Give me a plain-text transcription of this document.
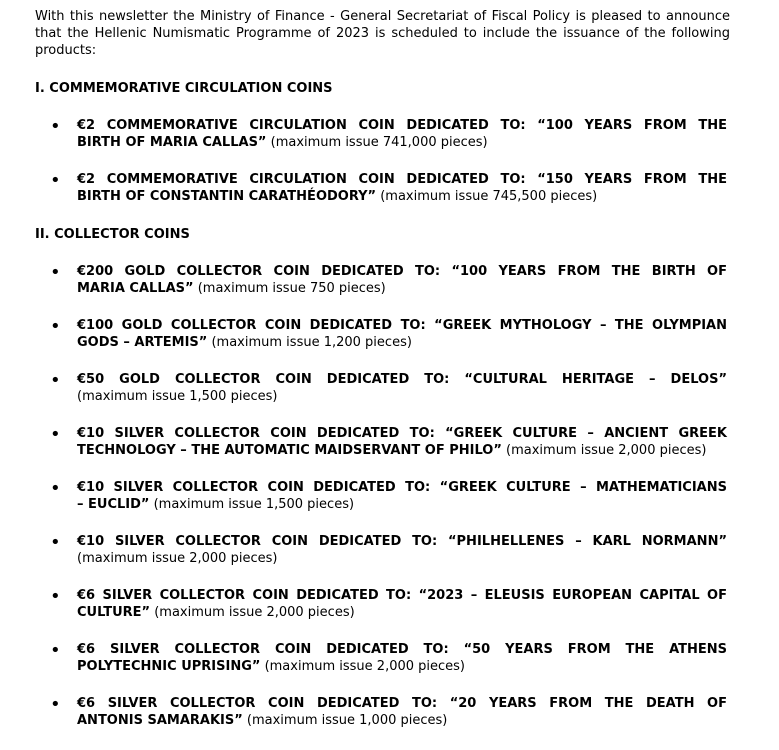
With this newsletter the Ministry of Finance - General Secretariat of Fiscal Policy is pleased to announce that the Hellenic Numismatic Programme of 2023 is scheduled to include the issuance of the following products:
I. COMMEMORATIVE CIRCULATION COINS
• €2 COMMEMORATIVE CIRCULATION COIN DEDICATED TO: “100 YEARS FROM THE
BIRTH OF MARIA CALLAS” (maximum issue 741,000 pieces)
• €2 COMMEMORATIVE CIRCULATION COIN DEDICATED TO: “150 YEARS FROM THE
BIRTH OF CONSTANTIN CARATHÉODORY” (maximum issue 745,500 pieces)
II. COLLECTOR COINS
• €200 GOLD COLLECTOR COIN DEDICATED TO: “100 YEARS FROM THE BIRTH OF
MARIA CALLAS” (maximum issue 750 pieces)
• €100 GOLD COLLECTOR COIN DEDICATED TO: “GREEK MYTHOLOGY – THE OLYMPIAN
GODS – ARTEMIS” (maximum issue 1,200 pieces)
• €50 GOLD COLLECTOR COIN DEDICATED TO: “CULTURAL HERITAGE – DELOS”
(maximum issue 1,500 pieces)
• €10 SILVER COLLECTOR COIN DEDICATED TO: “GREEK CULTURE – ANCIENT GREEK
TECHNOLOGY – THE AUTOMATIC MAIDSERVANT OF PHILO” (maximum issue 2,000 pieces)
• €10 SILVER COLLECTOR COIN DEDICATED TO: “GREEK CULTURE – MATHEMATICIANS
– EUCLID” (maximum issue 1,500 pieces)
• €10 SILVER COLLECTOR COIN DEDICATED TO: “PHILHELLENES – KARL NORMANN”
(maximum issue 2,000 pieces)
• €6 SILVER COLLECTOR COIN DEDICATED TO: “2023 – ELEUSIS EUROPEAN CAPITAL OF
CULTURE” (maximum issue 2,000 pieces)
• €6 SILVER COLLECTOR COIN DEDICATED TO: “50 YEARS FROM THE ATHENS
POLYTECHNIC UPRISING” (maximum issue 2,000 pieces)
• €6 SILVER COLLECTOR COIN DEDICATED TO: “20 YEARS FROM THE DEATH OF
ANTONIS SAMARAKIS” (maximum issue 1,000 pieces)
